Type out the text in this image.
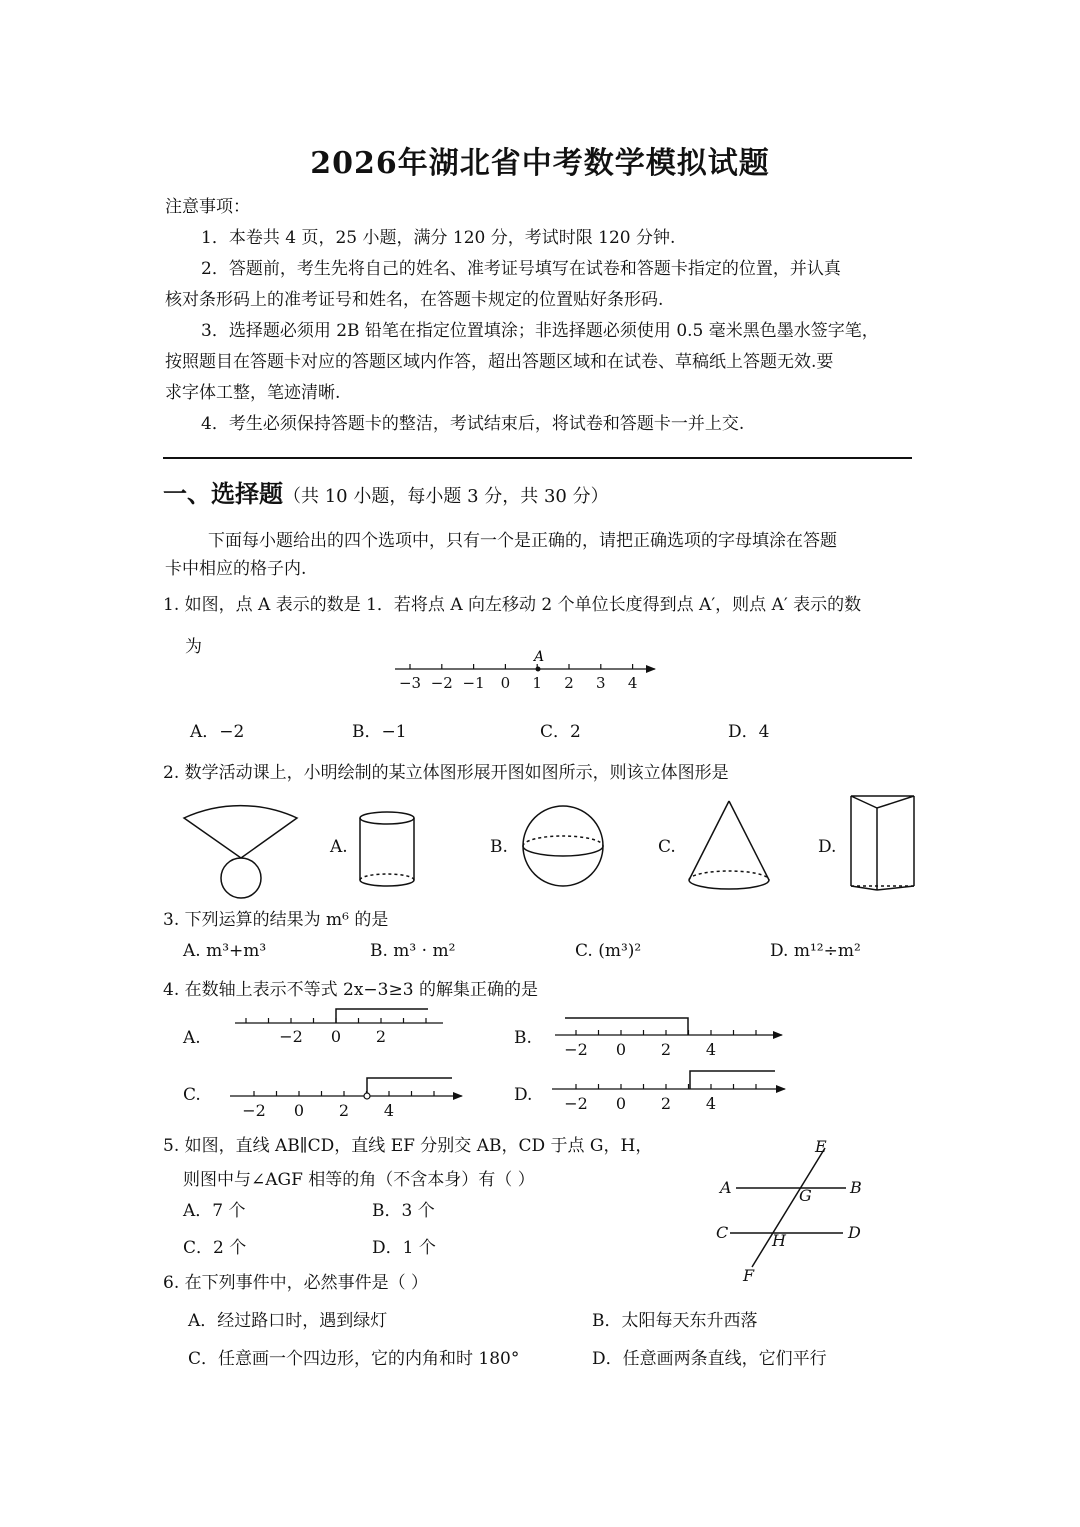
2026年湖北省中考数学模拟试题
注意事项：
1．本卷共 4 页，25 小题，满分 120 分，考试时限 120 分钟.
2．答题前，考生先将自己的姓名、准考证号填写在试卷和答题卡指定的位置，并认真
核对条形码上的准考证号和姓名，在答题卡规定的位置贴好条形码.
3．选择题必须用 2B 铅笔在指定位置填涂；非选择题必须使用 0.5 毫米黑色墨水签字笔，
按照题目在答题卡对应的答题区域内作答，超出答题区域和在试卷、草稿纸上答题无效.要
求字体工整，笔迹清晰.
4．考生必须保持答题卡的整洁，考试结束后，将试卷和答题卡一并上交.
一、选择题（共 10 小题，每小题 3 分，共 30 分）
下面每小题给出的四个选项中，只有一个是正确的，请把正确选项的字母填涂在答题
卡中相应的格子内.
1. 如图，点 A 表示的数是 1．若将点 A 向左移动 2 个单位长度得到点 A′，则点 A′ 表示的数
为
A．−2	B．−1	C．2	D．4
2. 数学活动课上，小明绘制的某立体图形展开图如图所示，则该立体图形是
A.	B.	C.	D.
3. 下列运算的结果为 m⁶ 的是
A. m³+m³	B. m³ · m²	C. (m³)²	D. m¹²÷m²
4. 在数轴上表示不等式 2x−3≥3 的解集正确的是
A.	B.
C.	D.
5. 如图，直线 AB∥CD，直线 EF 分别交 AB，CD 于点 G，H，
则图中与∠AGF 相等的角（不含本身）有（ ）
A．7 个	B．3 个
C．2 个	D．1 个
6. 在下列事件中，必然事件是（ ）
A．经过路口时，遇到绿灯	B．太阳每天东升西落
C．任意画一个四边形，它的内角和时 180°	D．任意画两条直线，它们平行
−3 −2 −1 0 1 2 3 4
A
−2 0 2
−2 0 2 4
−2 0 2 4	−2 0 2 4
E
A	G B
C	H	D
F
